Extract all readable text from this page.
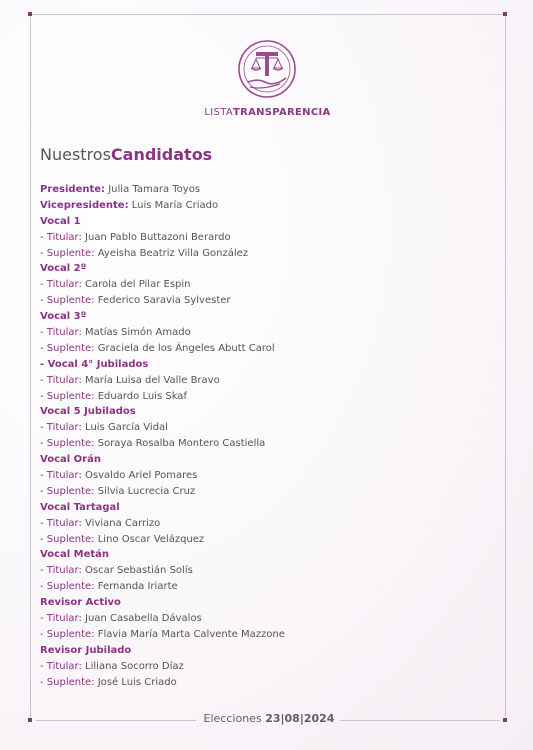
LISTATRANSPARENCIA
NuestrosCandidatos
Presidente: Julia Tamara Toyos
Vicepresidente: Luis María Criado
Vocal 1
- Titular: Juan Pablo Buttazoni Berardo
- Suplente: Ayeisha Beatriz Villa González
Vocal 2º
- Titular: Carola del Pilar Espin
- Suplente: Federico Saravia Sylvester
Vocal 3º
- Titular: Matías Simón Amado
- Suplente: Graciela de los Ángeles Abutt Carol
- Vocal 4° Jubilados
- Titular: María Luisa del Valle Bravo
- Suplente: Eduardo Luis Skaf
Vocal 5 Jubilados
- Titular: Luis García Vidal
- Suplente: Soraya Rosalba Montero Castiella
Vocal Orán
- Titular: Osvaldo Ariel Pomares
- Suplente: Silvia Lucrecia Cruz
Vocal Tartagal
- Titular: Viviana Carrizo
- Suplente: Lino Oscar Velázquez
Vocal Metán
- Titular: Oscar Sebastián Solís
- Suplente: Fernanda Iriarte
Revisor Activo
- Titular: Juan Casabella Dávalos
- Suplente: Flavia María Marta Calvente Mazzone
Revisor Jubilado
- Titular: Liliana Socorro Díaz
- Suplente: José Luis Criado
Elecciones 23|08|2024
